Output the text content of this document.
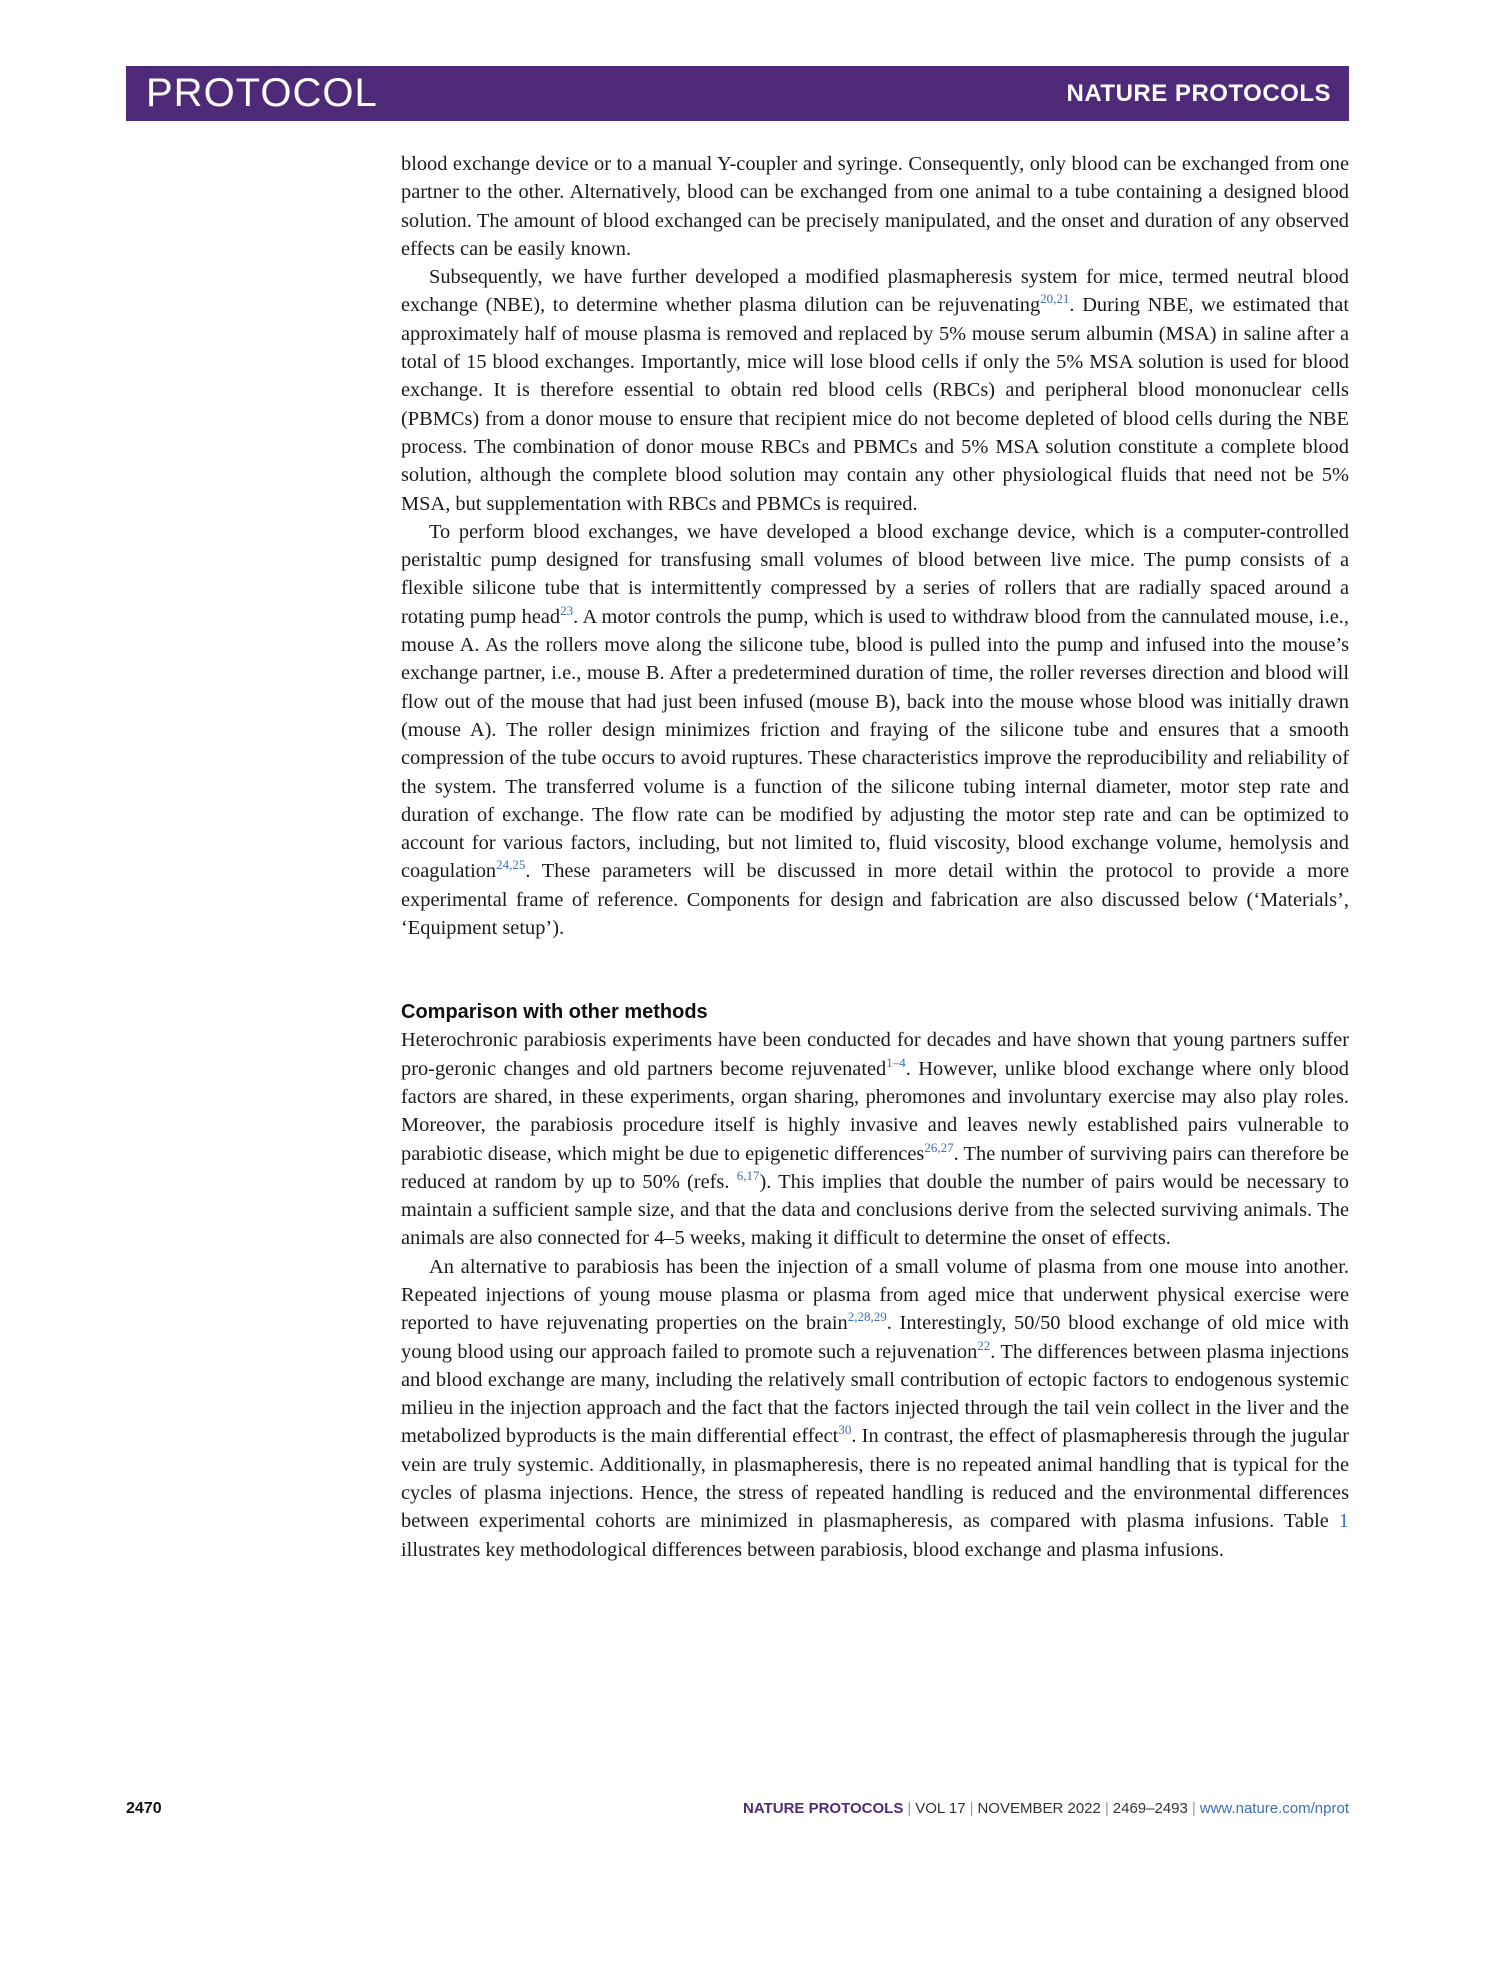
PROTOCOL	NATURE PROTOCOLS

blood exchange device or to a manual Y-coupler and syringe. Consequently, only blood can be exchanged from one partner to the other. Alternatively, blood can be exchanged from one animal to a tube containing a designed blood solution. The amount of blood exchanged can be precisely manipulated, and the onset and duration of any observed effects can be easily known.

Subsequently, we have further developed a modified plasmapheresis system for mice, termed neutral blood exchange (NBE), to determine whether plasma dilution can be rejuvenating$^{20,21}$. During NBE, we estimated that approximately half of mouse plasma is removed and replaced by 5% mouse serum albumin (MSA) in saline after a total of 15 blood exchanges. Importantly, mice will lose blood cells if only the 5% MSA solution is used for blood exchange. It is therefore essential to obtain red blood cells (RBCs) and peripheral blood mononuclear cells (PBMCs) from a donor mouse to ensure that recipient mice do not become depleted of blood cells during the NBE process. The combination of donor mouse RBCs and PBMCs and 5% MSA solution constitute a complete blood solution, although the complete blood solution may contain any other physiological fluids that need not be 5% MSA, but supplementation with RBCs and PBMCs is required.

To perform blood exchanges, we have developed a blood exchange device, which is a computer-controlled peristaltic pump designed for transfusing small volumes of blood between live mice. The pump consists of a flexible silicone tube that is intermittently compressed by a series of rollers that are radially spaced around a rotating pump head$^{23}$. A motor controls the pump, which is used to withdraw blood from the cannulated mouse, i.e., mouse A. As the rollers move along the silicone tube, blood is pulled into the pump and infused into the mouse’s exchange partner, i.e., mouse B. After a predetermined duration of time, the roller reverses direction and blood will flow out of the mouse that had just been infused (mouse B), back into the mouse whose blood was initially drawn (mouse A). The roller design minimizes friction and fraying of the silicone tube and ensures that a smooth compression of the tube occurs to avoid ruptures. These characteristics improve the reproducibility and reliability of the system. The transferred volume is a function of the silicone tubing internal diameter, motor step rate and duration of exchange. The flow rate can be modified by adjusting the motor step rate and can be optimized to account for various factors, including, but not limited to, fluid viscosity, blood exchange volume, hemolysis and coagulation$^{24,25}$. These parameters will be discussed in more detail within the protocol to provide a more experimental frame of reference. Components for design and fabrication are also discussed below (‘Materials’, ‘Equipment setup’).

Comparison with other methods

Heterochronic parabiosis experiments have been conducted for decades and have shown that young partners suffer pro-geronic changes and old partners become rejuvenated$^{1-4}$. However, unlike blood exchange where only blood factors are shared, in these experiments, organ sharing, pheromones and involuntary exercise may also play roles. Moreover, the parabiosis procedure itself is highly invasive and leaves newly established pairs vulnerable to parabiotic disease, which might be due to epigenetic differences$^{26,27}$. The number of surviving pairs can therefore be reduced at random by up to 50% (refs. $^{6,17}$). This implies that double the number of pairs would be necessary to maintain a sufficient sample size, and that the data and conclusions derive from the selected surviving animals. The animals are also connected for 4–5 weeks, making it difficult to determine the onset of effects.

An alternative to parabiosis has been the injection of a small volume of plasma from one mouse into another. Repeated injections of young mouse plasma or plasma from aged mice that underwent physical exercise were reported to have rejuvenating properties on the brain$^{2,28,29}$. Interestingly, 50/50 blood exchange of old mice with young blood using our approach failed to promote such a rejuvenation$^{22}$. The differences between plasma injections and blood exchange are many, including the relatively small contribution of ectopic factors to endogenous systemic milieu in the injection approach and the fact that the factors injected through the tail vein collect in the liver and the metabolized byproducts is the main differential effect$^{30}$. In contrast, the effect of plasmapheresis through the jugular vein are truly systemic. Additionally, in plasmapheresis, there is no repeated animal handling that is typical for the cycles of plasma injections. Hence, the stress of repeated handling is reduced and the environmental differences between experimental cohorts are minimized in plasmapheresis, as compared with plasma infusions. Table 1 illustrates key methodological differences between parabiosis, blood exchange and plasma infusions.

2470	NATURE PROTOCOLS | VOL 17 | NOVEMBER 2022 | 2469–2493 | www.nature.com/nprot
